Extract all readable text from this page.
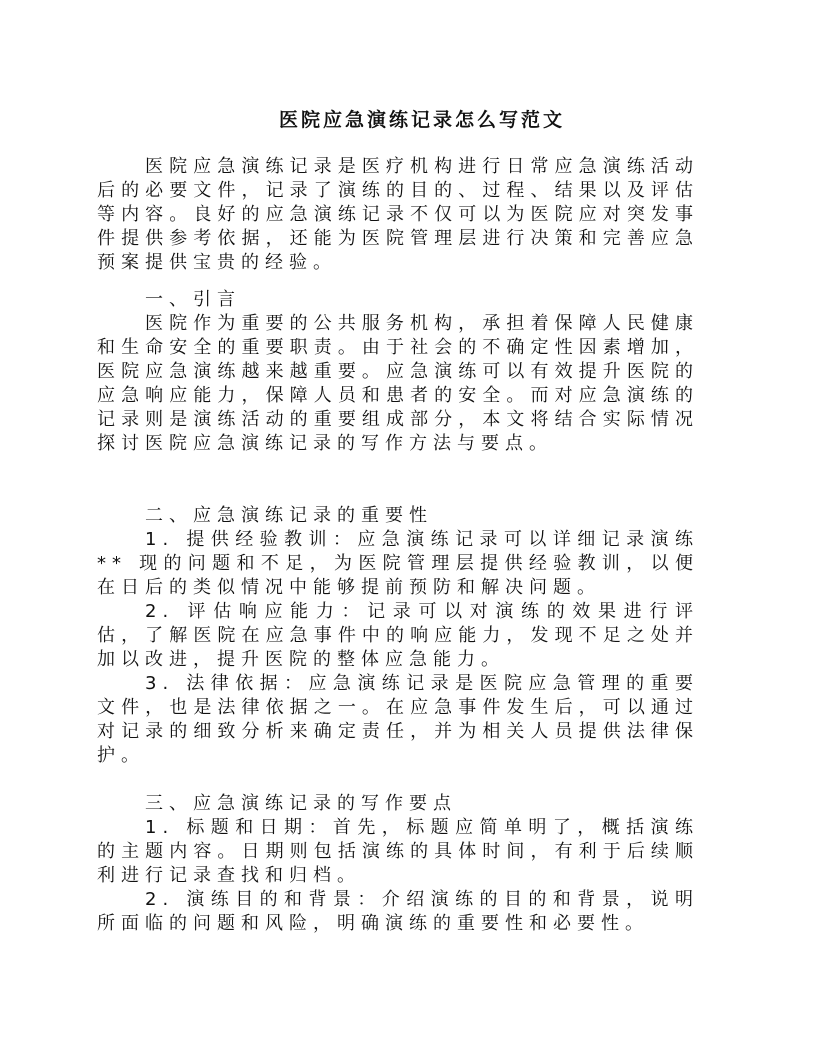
医院应急演练记录怎么写范文

医院应急演练记录是医疗机构进行日常应急演练活动后的必要文件，记录了演练的目的、过程、结果以及评估等内容。良好的应急演练记录不仅可以为医院应对突发事件提供参考依据，还能为医院管理层进行决策和完善应急预案提供宝贵的经验。

一、引言

医院作为重要的公共服务机构，承担着保障人民健康和生命安全的重要职责。由于社会的不确定性因素增加，医院应急演练越来越重要。应急演练可以有效提升医院的应急响应能力，保障人员和患者的安全。而对应急演练的记录则是演练活动的重要组成部分，本文将结合实际情况探讨医院应急演练记录的写作方法与要点。

二、应急演练记录的重要性

1. 提供经验教训：应急演练记录可以详细记录演练 ** 现的问题和不足，为医院管理层提供经验教训，以便在日后的类似情况中能够提前预防和解决问题。

2. 评估响应能力：记录可以对演练的效果进行评估，了解医院在应急事件中的响应能力，发现不足之处并加以改进，提升医院的整体应急能力。

3. 法律依据：应急演练记录是医院应急管理的重要文件，也是法律依据之一。在应急事件发生后，可以通过对记录的细致分析来确定责任，并为相关人员提供法律保护。

三、应急演练记录的写作要点

1. 标题和日期：首先，标题应简单明了，概括演练的主题内容。日期则包括演练的具体时间，有利于后续顺利进行记录查找和归档。

2. 演练目的和背景：介绍演练的目的和背景，说明所面临的问题和风险，明确演练的重要性和必要性。
